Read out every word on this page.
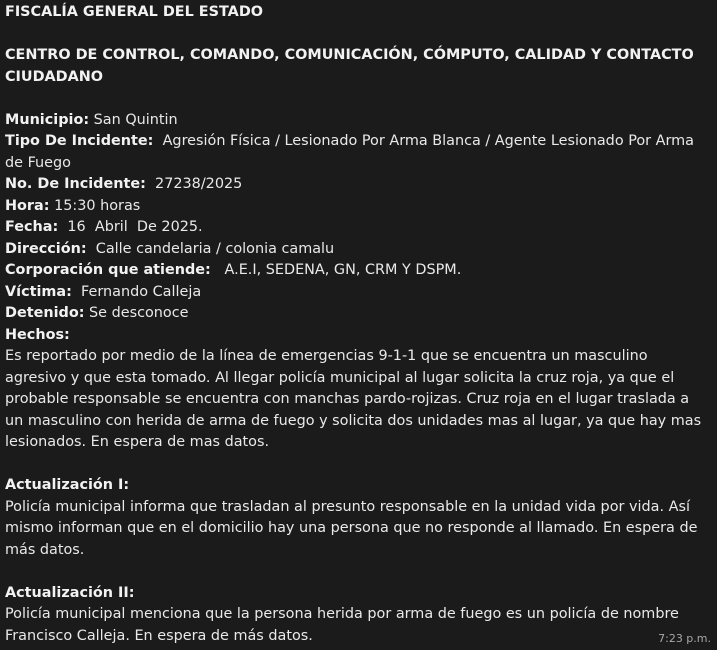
FISCALÍA GENERAL DEL ESTADO

CENTRO DE CONTROL, COMANDO, COMUNICACIÓN, CÓMPUTO, CALIDAD Y CONTACTO CIUDADANO

Municipio: San Quintin

Tipo De Incidente:  Agresión Física / Lesionado Por Arma Blanca / Agente Lesionado Por Arma de Fuego

No. De Incidente:  27238/2025

Hora: 15:30 horas

Fecha:  16  Abril  De 2025.

Dirección:  Calle candelaria / colonia camalu

Corporación que atiende:   A.E.I, SEDENA, GN, CRM Y DSPM.

Víctima:  Fernando Calleja

Detenido: Se desconoce

Hechos:

Es reportado por medio de la línea de emergencias 9-1-1 que se encuentra un masculino agresivo y que esta tomado. Al llegar policía municipal al lugar solicita la cruz roja, ya que el probable responsable se encuentra con manchas pardo-rojizas. Cruz roja en el lugar traslada a un masculino con herida de arma de fuego y solicita dos unidades mas al lugar, ya que hay mas lesionados. En espera de mas datos.

Actualización I:

Policía municipal informa que trasladan al presunto responsable en la unidad vida por vida. Así mismo informan que en el domicilio hay una persona que no responde al llamado. En espera de más datos.

Actualización II:

Policía municipal menciona que la persona herida por arma de fuego es un policía de nombre Francisco Calleja. En espera de más datos.	7:23 p.m.
